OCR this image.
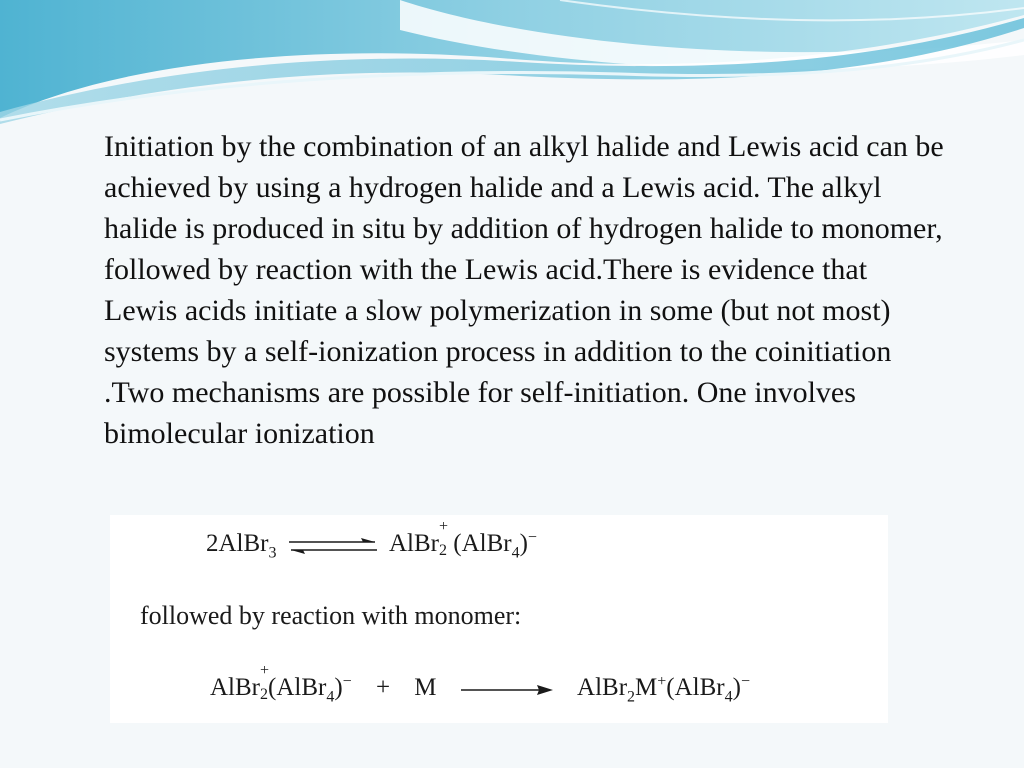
Initiation by the combination of an alkyl halide and Lewis acid can be achieved by using a hydrogen halide and a Lewis acid. The alkyl halide is produced in situ by addition of hydrogen halide to monomer, followed by reaction with the Lewis acid.There is evidence that Lewis acids initiate a slow polymerization in some (but not most) systems by a self-ionization process in addition to the coinitiation .Two mechanisms are possible for self-initiation. One involves bimolecular ionization

2AlBr$_3$ ⇌ AlBr
+
2 (AlBr$_4$)−
followed by reaction with monomer:
AlBr
+
2 (AlBr$_4$)− + M → AlBr$_2$M+(AlBr$_4$)−
